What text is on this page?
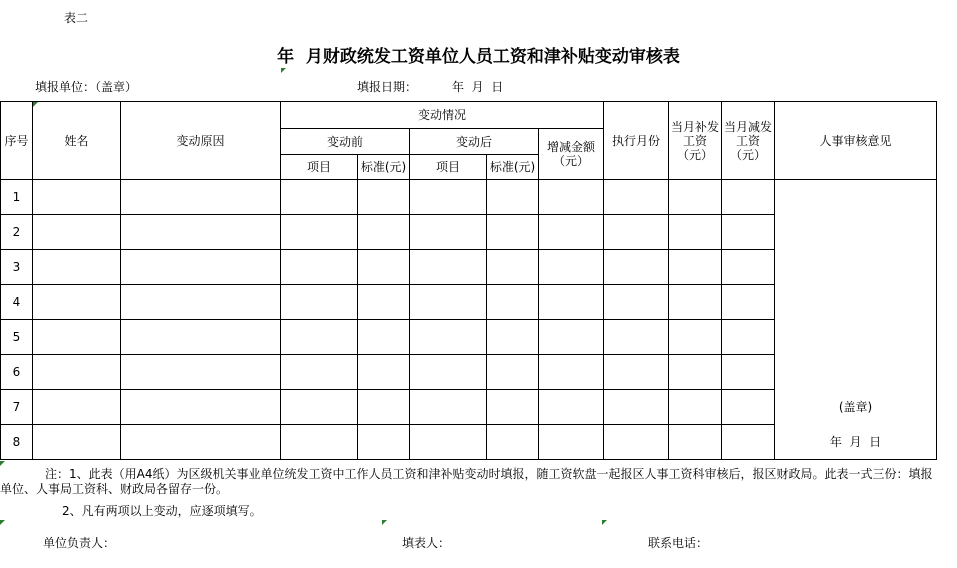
表二
年  月财政统发工资单位人员工资和津补贴变动审核表
填报单位：（盖章）	填报日期：	年  月  日
序号	姓名	变动原因	变动情况					执行月份	当月补发工资（元）	当月减发工资（元）	人事审核意见
			变动前		变动后		增减金额（元）				
			项目	标准(元)	项目	标准(元)					
1											
2											
3											
4											
5											
6											
7											(盖章)
8											年  月  日
注：1、此表（用A4纸）为区级机关事业单位统发工资中工作人员工资和津补贴变动时填报，随工资软盘一起报区人事工资科审核后，报区财政局。此表一式三份：填报
单位、人事局工资科、财政局各留存一份。
2、凡有两项以上变动，应逐项填写。
单位负责人：	填表人：	联系电话：
